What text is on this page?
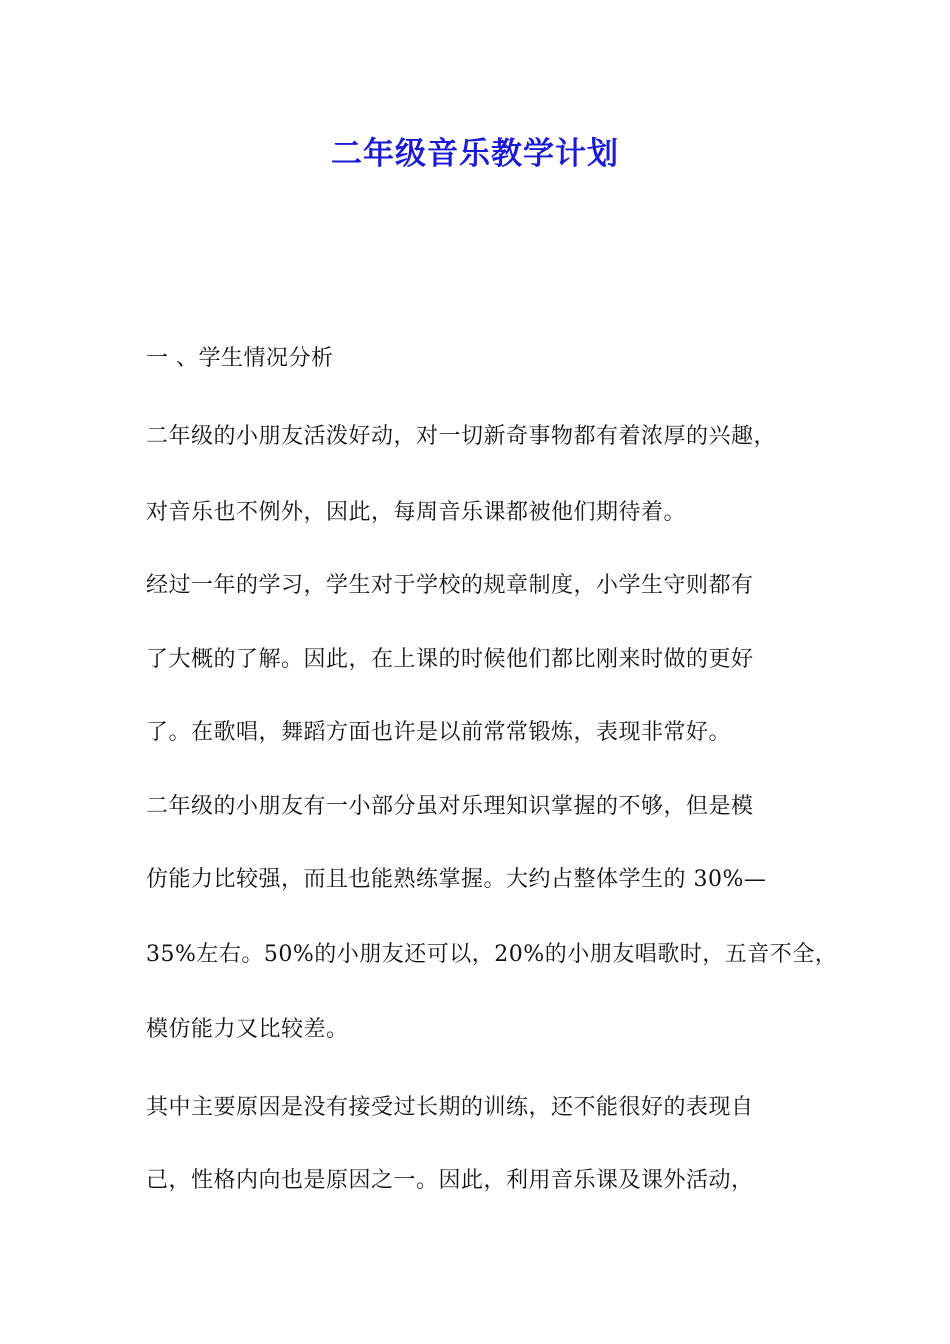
二年级音乐教学计划
一 、学生情况分析
二年级的小朋友活泼好动，对一切新奇事物都有着浓厚的兴趣，
对音乐也不例外，因此，每周音乐课都被他们期待着。
经过一年的学习，学生对于学校的规章制度，小学生守则都有
了大概的了解。因此，在上课的时候他们都比刚来时做的更好
了。在歌唱，舞蹈方面也许是以前常常锻炼，表现非常好。
二年级的小朋友有一小部分虽对乐理知识掌握的不够，但是模
仿能力比较强，而且也能熟练掌握。大约占整体学生的 30%—
35%左右。50%的小朋友还可以，20%的小朋友唱歌时，五音不全，
模仿能力又比较差。
其中主要原因是没有接受过长期的训练，还不能很好的表现自
己，性格内向也是原因之一。因此，利用音乐课及课外活动，
